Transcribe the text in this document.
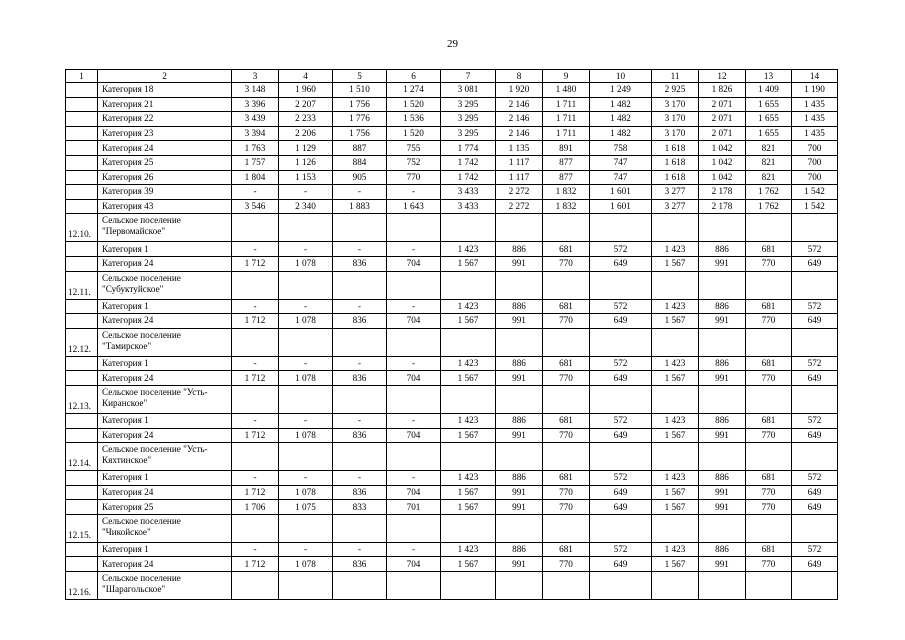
29
1	2	3	4	5	6	7	8	9	10	11	12	13	14
	Категория 18	3 148	1 960	1 510	1 274	3 081	1 920	1 480	1 249	2 925	1 826	1 409	1 190
	Категория 21	3 396	2 207	1 756	1 520	3 295	2 146	1 711	1 482	3 170	2 071	1 655	1 435
	Категория 22	3 439	2 233	1 776	1 536	3 295	2 146	1 711	1 482	3 170	2 071	1 655	1 435
	Категория 23	3 394	2 206	1 756	1 520	3 295	2 146	1 711	1 482	3 170	2 071	1 655	1 435
	Категория 24	1 763	1 129	887	755	1 774	1 135	891	758	1 618	1 042	821	700
	Категория 25	1 757	1 126	884	752	1 742	1 117	877	747	1 618	1 042	821	700
	Категория 26	1 804	1 153	905	770	1 742	1 117	877	747	1 618	1 042	821	700
	Категория 39	-	-	-	-	3 433	2 272	1 832	1 601	3 277	2 178	1 762	1 542
	Категория 43	3 546	2 340	1 883	1 643	3 433	2 272	1 832	1 601	3 277	2 178	1 762	1 542
12.10.	Сельское поселение "Первомайское"												
	Категория 1	-	-	-	-	1 423	886	681	572	1 423	886	681	572
	Категория 24	1 712	1 078	836	704	1 567	991	770	649	1 567	991	770	649
12.11.	Сельское поселение "Субуктуйское"												
	Категория 1	-	-	-	-	1 423	886	681	572	1 423	886	681	572
	Категория 24	1 712	1 078	836	704	1 567	991	770	649	1 567	991	770	649
12.12.	Сельское поселение "Тамирское"												
	Категория 1	-	-	-	-	1 423	886	681	572	1 423	886	681	572
	Категория 24	1 712	1 078	836	704	1 567	991	770	649	1 567	991	770	649
12.13.	Сельское поселение "Усть-Киранское"												
	Категория 1	-	-	-	-	1 423	886	681	572	1 423	886	681	572
	Категория 24	1 712	1 078	836	704	1 567	991	770	649	1 567	991	770	649
12.14.	Сельское поселение "Усть-Кяхтинское"												
	Категория 1	-	-	-	-	1 423	886	681	572	1 423	886	681	572
	Категория 24	1 712	1 078	836	704	1 567	991	770	649	1 567	991	770	649
	Категория 25	1 706	1 075	833	701	1 567	991	770	649	1 567	991	770	649
12.15.	Сельское поселение "Чикойское"												
	Категория 1	-	-	-	-	1 423	886	681	572	1 423	886	681	572
	Категория 24	1 712	1 078	836	704	1 567	991	770	649	1 567	991	770	649
12.16.	Сельское поселение "Шарагольское"												
